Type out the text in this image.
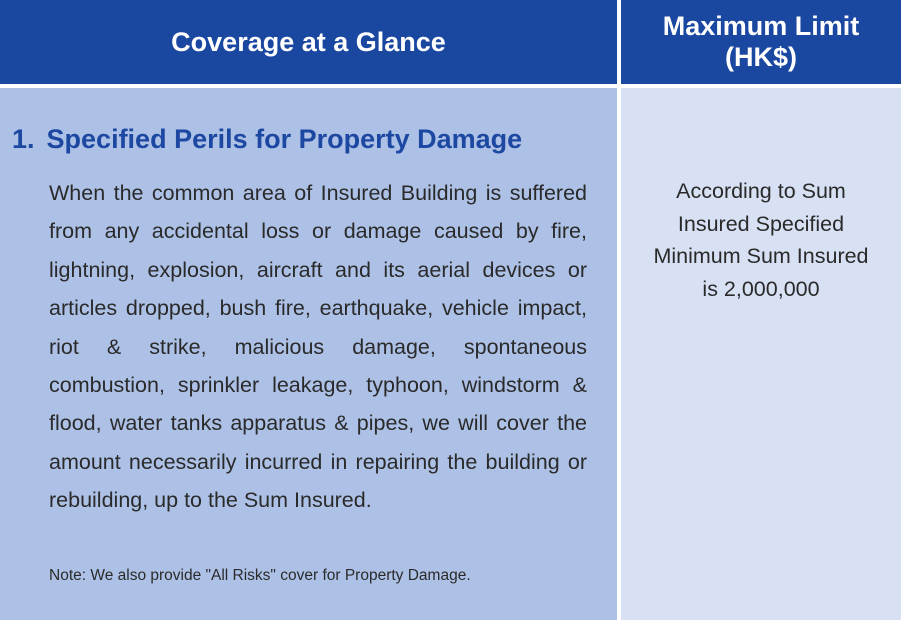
Coverage at a Glance
Maximum Limit
(HK$)
1. Specified Perils for Property Damage
When the common area of Insured Building is suffered from any accidental loss or damage caused by fire, lightning, explosion, aircraft and its aerial devices or articles dropped, bush fire, earthquake, vehicle impact, riot & strike, malicious damage, spontaneous combustion, sprinkler leakage, typhoon, windstorm & flood, water tanks apparatus & pipes, we will cover the amount necessarily incurred in repairing the building or rebuilding, up to the Sum Insured.
Note: We also provide "All Risks" cover for Property Damage.
According to Sum
Insured Specified
Minimum Sum Insured
is 2,000,000
